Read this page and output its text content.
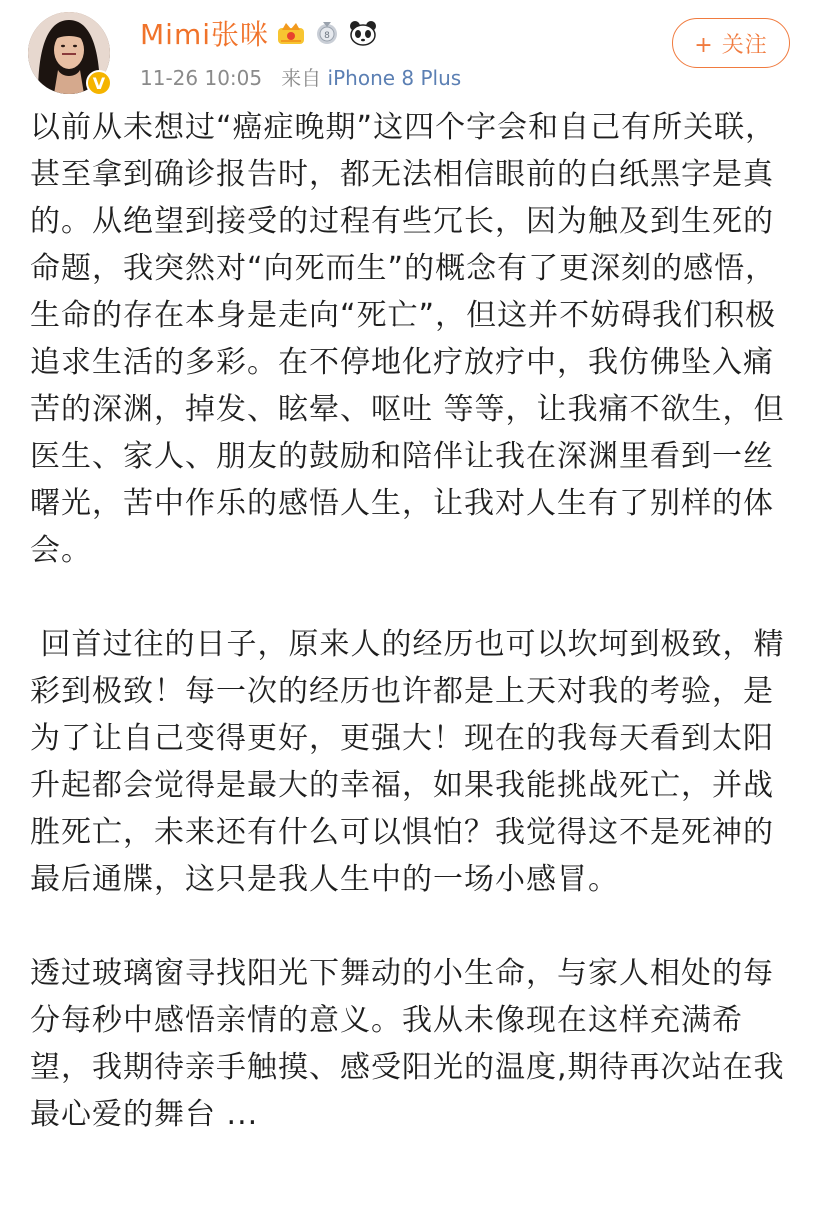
V
Mimi张咪	8
11-26 10:05 来自 iPhone 8 Plus
+ 关注

以前从未想过“癌症晚期”这四个字会和自己有所关联，甚至拿到确诊报告时，都无法相信眼前的白纸黑字是真的。从绝望到接受的过程有些冗长，因为触及到生死的命题，我突然对“向死而生”的概念有了更深刻的感悟，生命的存在本身是走向“死亡”，但这并不妨碍我们积极追求生活的多彩。在不停地化疗放疗中，我仿佛坠入痛苦的深渊，掉发、眩晕、呕吐 等等，让我痛不欲生，但医生、家人、朋友的鼓励和陪伴让我在深渊里看到一丝曙光，苦中作乐的感悟人生，让我对人生有了别样的体会。

回首过往的日子，原来人的经历也可以坎坷到极致，精彩到极致！每一次的经历也许都是上天对我的考验，是为了让自己变得更好，更强大！现在的我每天看到太阳升起都会觉得是最大的幸福，如果我能挑战死亡，并战胜死亡，未来还有什么可以惧怕？我觉得这不是死神的最后通牒，这只是我人生中的一场小感冒。

透过玻璃窗寻找阳光下舞动的小生命，与家人相处的每分每秒中感悟亲情的意义。我从未像现在这样充满希望，我期待亲手触摸、感受阳光的温度,期待再次站在我最心爱的舞台 ...
